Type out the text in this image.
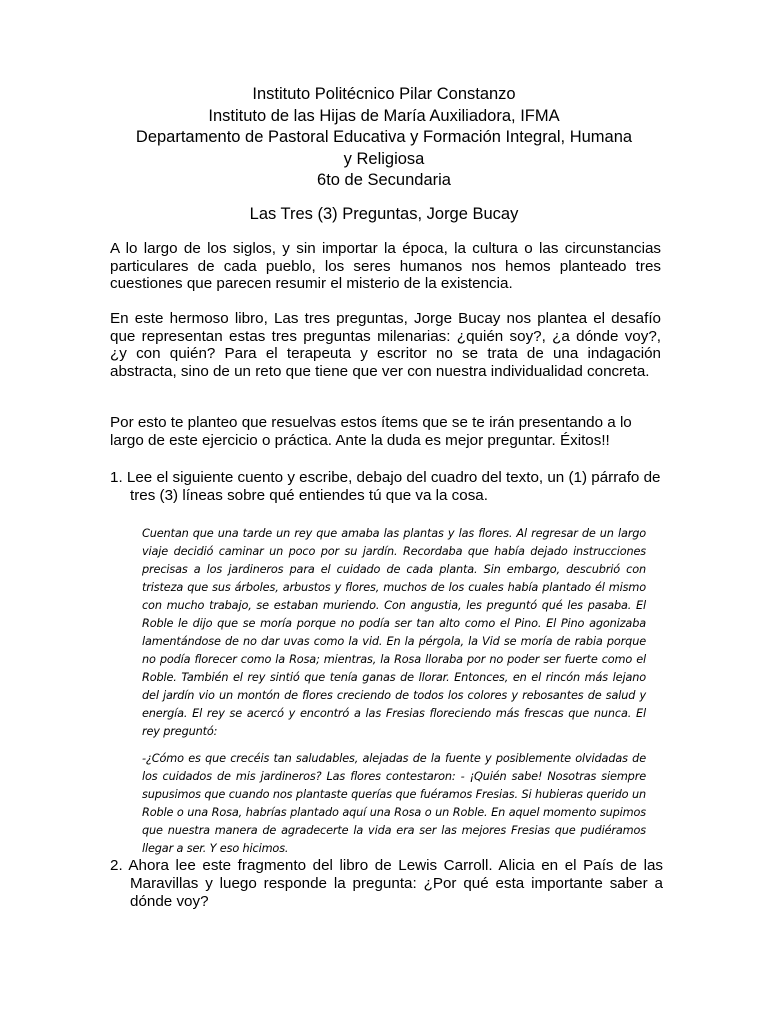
Instituto Politécnico Pilar Constanzo
Instituto de las Hijas de María Auxiliadora, IFMA
Departamento de Pastoral Educativa y Formación Integral, Humana
y Religiosa
6to de Secundaria
Las Tres (3) Preguntas, Jorge Bucay

A lo largo de los siglos, y sin importar la época, la cultura o las circunstancias particulares de cada pueblo, los seres humanos nos hemos planteado tres cuestiones que parecen resumir el misterio de la existencia.

En este hermoso libro, Las tres preguntas, Jorge Bucay nos plantea el desafío que representan estas tres preguntas milenarias: ¿quién soy?, ¿a dónde voy?, ¿y con quién? Para el terapeuta y escritor no se trata de una indagación abstracta, sino de un reto que tiene que ver con nuestra individualidad concreta.

Por esto te planteo que resuelvas estos ítems que se te irán presentando a lo largo de este ejercicio o práctica. Ante la duda es mejor preguntar. Éxitos!!

1. Lee el siguiente cuento y escribe, debajo del cuadro del texto, un (1) párrafo de tres (3) líneas sobre qué entiendes tú que va la cosa.

Cuentan que una tarde un rey que amaba las plantas y las flores. Al regresar de un largo viaje decidió caminar un poco por su jardín. Recordaba que había dejado instrucciones precisas a los jardineros para el cuidado de cada planta. Sin embargo, descubrió con tristeza que sus árboles, arbustos y flores, muchos de los cuales había plantado él mismo con mucho trabajo, se estaban muriendo. Con angustia, les preguntó qué les pasaba. El Roble le dijo que se moría porque no podía ser tan alto como el Pino. El Pino agonizaba lamentándose de no dar uvas como la vid. En la pérgola, la Vid se moría de rabia porque no podía florecer como la Rosa; mientras, la Rosa lloraba por no poder ser fuerte como el Roble. También el rey sintió que tenía ganas de llorar. Entonces, en el rincón más lejano del jardín vio un montón de flores creciendo de todos los colores y rebosantes de salud y energía. El rey se acercó y encontró a las Fresias floreciendo más frescas que nunca. El rey preguntó:

-¿Cómo es que crecéis tan saludables, alejadas de la fuente y posiblemente olvidadas de los cuidados de mis jardineros? Las flores contestaron: - ¡Quién sabe! Nosotras siempre supusimos que cuando nos plantaste querías que fuéramos Fresias. Si hubieras querido un Roble o una Rosa, habrías plantado aquí una Rosa o un Roble. En aquel momento supimos que nuestra manera de agradecerte la vida era ser las mejores Fresias que pudiéramos llegar a ser. Y eso hicimos.

2. Ahora lee este fragmento del libro de Lewis Carroll. Alicia en el País de las Maravillas y luego responde la pregunta: ¿Por qué esta importante saber a dónde voy?
